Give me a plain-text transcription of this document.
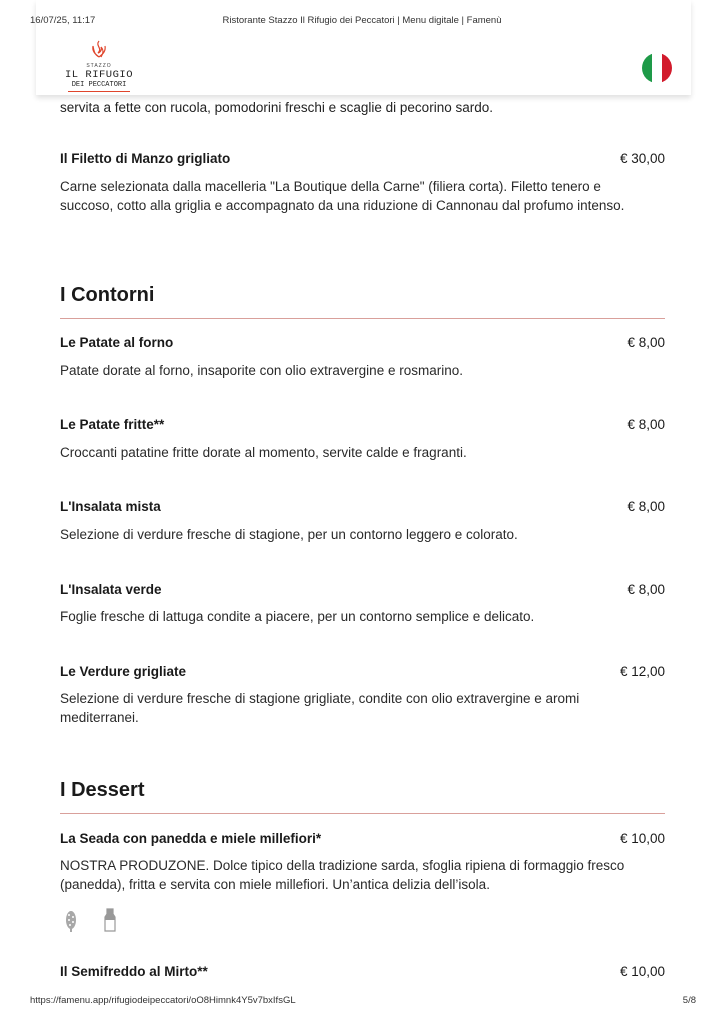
16/07/25, 11:17	Ristorante Stazzo Il Rifugio dei Peccatori | Menu digitale | Famenù
servita a fette con rucola, pomodorini freschi e scaglie di pecorino sardo.
STAZZO
IL RIFUGIO
DEI PECCATORI
Il Filetto di Manzo grigliato	€ 30,00
Carne selezionata dalla macelleria "La Boutique della Carne" (filiera corta). Filetto tenero e succoso, cotto alla griglia e accompagnato da una riduzione di Cannonau dal profumo intenso.
I Contorni
Le Patate al forno	€ 8,00
Patate dorate al forno, insaporite con olio extravergine e rosmarino.
Le Patate fritte**	€ 8,00
Croccanti patatine fritte dorate al momento, servite calde e fragranti.
L'Insalata mista	€ 8,00
Selezione di verdure fresche di stagione, per un contorno leggero e colorato.
L'Insalata verde	€ 8,00
Foglie fresche di lattuga condite a piacere, per un contorno semplice e delicato.
Le Verdure grigliate	€ 12,00
Selezione di verdure fresche di stagione grigliate, condite con olio extravergine e aromi mediterranei.
I Dessert
La Seada con panedda e miele millefiori*	€ 10,00
NOSTRA PRODUZONE. Dolce tipico della tradizione sarda, sfoglia ripiena di formaggio fresco (panedda), fritta e servita con miele millefiori. Un’antica delizia dell’isola.
Il Semifreddo al Mirto**	€ 10,00
https://famenu.app/rifugiodeipeccatori/oO8Himnk4Y5v7bxIfsGL	5/8
